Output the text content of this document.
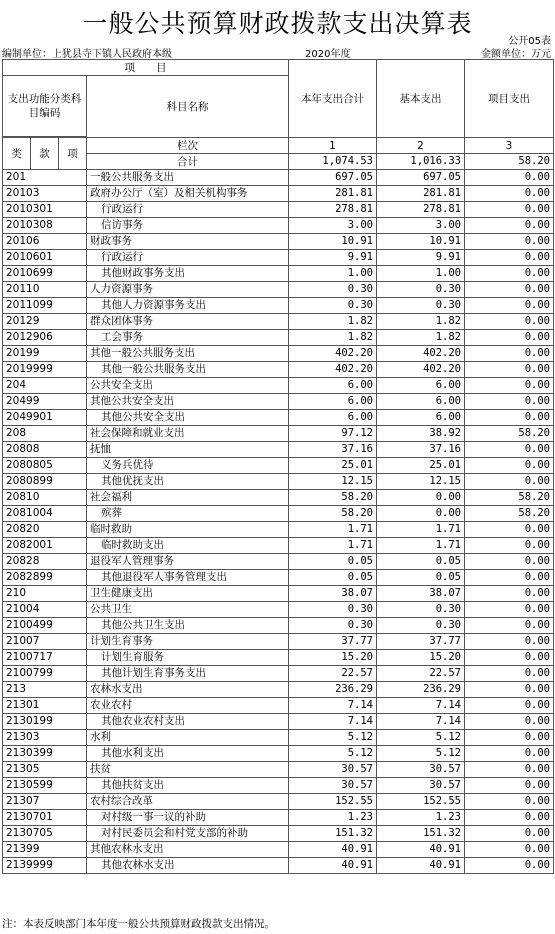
一般公共预算财政拨款支出决算表
公开05表
编制单位：上犹县寺下镇人民政府本级	2020年度	金额单位：万元
项　　目				本年支出合计	基本支出	项目支出
支出功能分类科目编码			科目名称			

类	款	项	栏次	1	2	3
			合计	1,074.53	1,016.33	58.20
201			一般公共服务支出	697.05	697.05	0.00
20103			政府办公厅（室）及相关机构事务	281.81	281.81	0.00
2010301			行政运行	278.81	278.81	0.00
2010308			信访事务	3.00	3.00	0.00
20106			财政事务	10.91	10.91	0.00
2010601			行政运行	9.91	9.91	0.00
2010699			其他财政事务支出	1.00	1.00	0.00
20110			人力资源事务	0.30	0.30	0.00
2011099			其他人力资源事务支出	0.30	0.30	0.00
20129			群众团体事务	1.82	1.82	0.00
2012906			工会事务	1.82	1.82	0.00
20199			其他一般公共服务支出	402.20	402.20	0.00
2019999			其他一般公共服务支出	402.20	402.20	0.00
204			公共安全支出	6.00	6.00	0.00
20499			其他公共安全支出	6.00	6.00	0.00
2049901			其他公共安全支出	6.00	6.00	0.00
208			社会保障和就业支出	97.12	38.92	58.20
20808			抚恤	37.16	37.16	0.00
2080805			义务兵优待	25.01	25.01	0.00
2080899			其他优抚支出	12.15	12.15	0.00
20810			社会福利	58.20	0.00	58.20
2081004			殡葬	58.20	0.00	58.20
20820			临时救助	1.71	1.71	0.00
2082001			临时救助支出	1.71	1.71	0.00
20828			退役军人管理事务	0.05	0.05	0.00
2082899			其他退役军人事务管理支出	0.05	0.05	0.00
210			卫生健康支出	38.07	38.07	0.00
21004			公共卫生	0.30	0.30	0.00
2100499			其他公共卫生支出	0.30	0.30	0.00
21007			计划生育事务	37.77	37.77	0.00
2100717			计划生育服务	15.20	15.20	0.00
2100799			其他计划生育事务支出	22.57	22.57	0.00
213			农林水支出	236.29	236.29	0.00
21301			农业农村	7.14	7.14	0.00
2130199			其他农业农村支出	7.14	7.14	0.00
21303			水利	5.12	5.12	0.00
2130399			其他水利支出	5.12	5.12	0.00
21305			扶贫	30.57	30.57	0.00
2130599			其他扶贫支出	30.57	30.57	0.00
21307			农村综合改革	152.55	152.55	0.00
2130701			对村级一事一议的补助	1.23	1.23	0.00
2130705			对村民委员会和村党支部的补助	151.32	151.32	0.00
21399			其他农林水支出	40.91	40.91	0.00
2139999			其他农林水支出	40.91	40.91	0.00
注：本表反映部门本年度一般公共预算财政拨款支出情况。
